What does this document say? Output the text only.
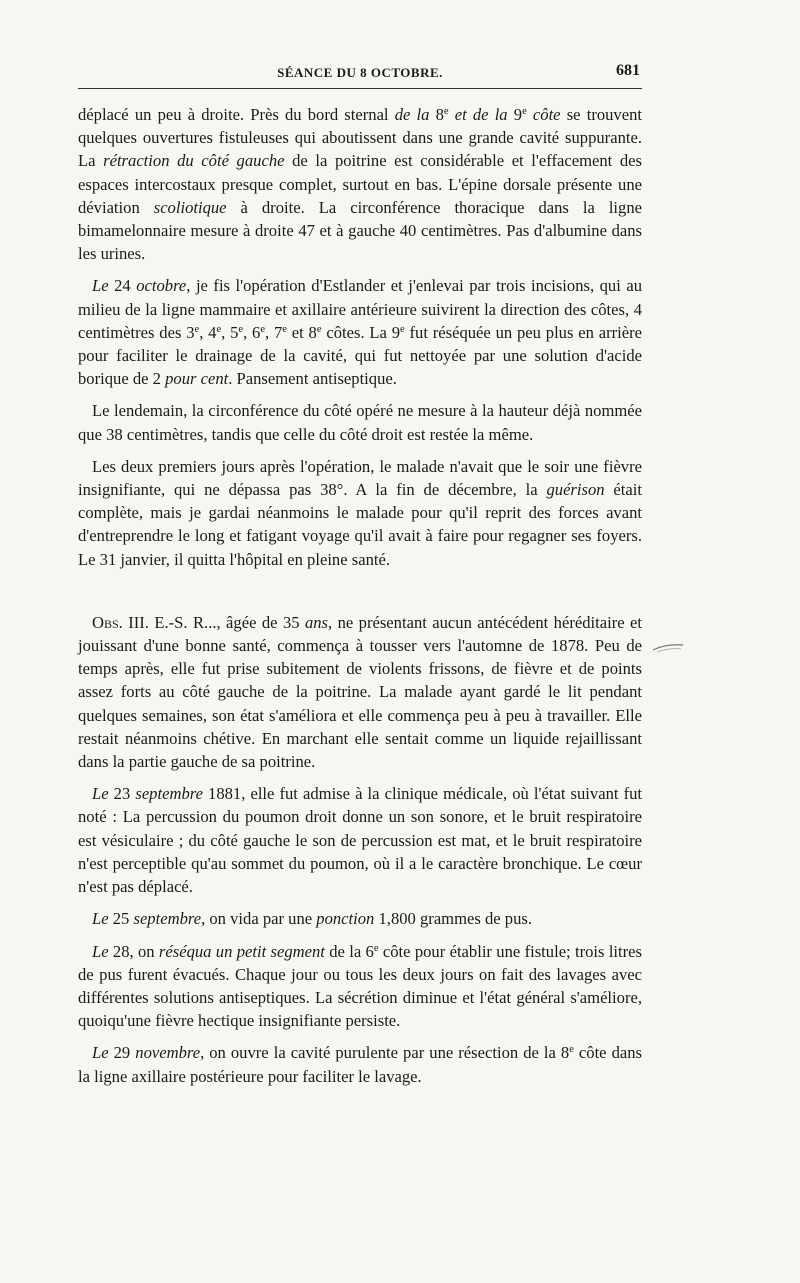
SÉANCE DU 8 OCTOBRE.	681

déplacé un peu à droite. Près du bord sternal de la 8e et de la 9e côte se trouvent quelques ouvertures fistuleuses qui aboutissent dans une grande cavité suppurante. La rétraction du côté gauche de la poitrine est considérable et l'effacement des espaces intercostaux presque complet, surtout en bas. L'épine dorsale présente une déviation scoliotique à droite. La circonférence thoracique dans la ligne bimamelonnaire mesure à droite 47 et à gauche 40 centimètres. Pas d'albumine dans les urines.

Le 24 octobre, je fis l'opération d'Estlander et j'enlevai par trois incisions, qui au milieu de la ligne mammaire et axillaire antérieure suivirent la direction des côtes, 4 centimètres des 3e, 4e, 5e, 6e, 7e et 8e côtes. La 9e fut réséquée un peu plus en arrière pour faciliter le drainage de la cavité, qui fut nettoyée par une solution d'acide borique de 2 pour cent. Pansement antiseptique.

Le lendemain, la circonférence du côté opéré ne mesure à la hauteur déjà nommée que 38 centimètres, tandis que celle du côté droit est restée la même.

Les deux premiers jours après l'opération, le malade n'avait que le soir une fièvre insignifiante, qui ne dépassa pas 38°. A la fin de décembre, la guérison était complète, mais je gardai néanmoins le malade pour qu'il reprit des forces avant d'entreprendre le long et fatigant voyage qu'il avait à faire pour regagner ses foyers. Le 31 janvier, il quitta l'hôpital en pleine santé.

Obs. III. E.-S. R..., âgée de 35 ans, ne présentant aucun antécédent héréditaire et jouissant d'une bonne santé, commença à tousser vers l'automne de 1878. Peu de temps après, elle fut prise subitement de violents frissons, de fièvre et de points assez forts au côté gauche de la poitrine. La malade ayant gardé le lit pendant quelques semaines, son état s'améliora et elle commença peu à peu à travailler. Elle restait néanmoins chétive. En marchant elle sentait comme un liquide rejaillissant dans la partie gauche de sa poitrine.

Le 23 septembre 1881, elle fut admise à la clinique médicale, où l'état suivant fut noté : La percussion du poumon droit donne un son sonore, et le bruit respiratoire est vésiculaire ; du côté gauche le son de percussion est mat, et le bruit respiratoire n'est perceptible qu'au sommet du poumon, où il a le caractère bronchique. Le cœur n'est pas déplacé.

Le 25 septembre, on vida par une ponction 1,800 grammes de pus.

Le 28, on réséqua un petit segment de la 6e côte pour établir une fistule; trois litres de pus furent évacués. Chaque jour ou tous les deux jours on fait des lavages avec différentes solutions antiseptiques. La sécrétion diminue et l'état général s'améliore, quoiqu'une fièvre hectique insignifiante persiste.

Le 29 novembre, on ouvre la cavité purulente par une résection de la 8e côte dans la ligne axillaire postérieure pour faciliter le lavage.
